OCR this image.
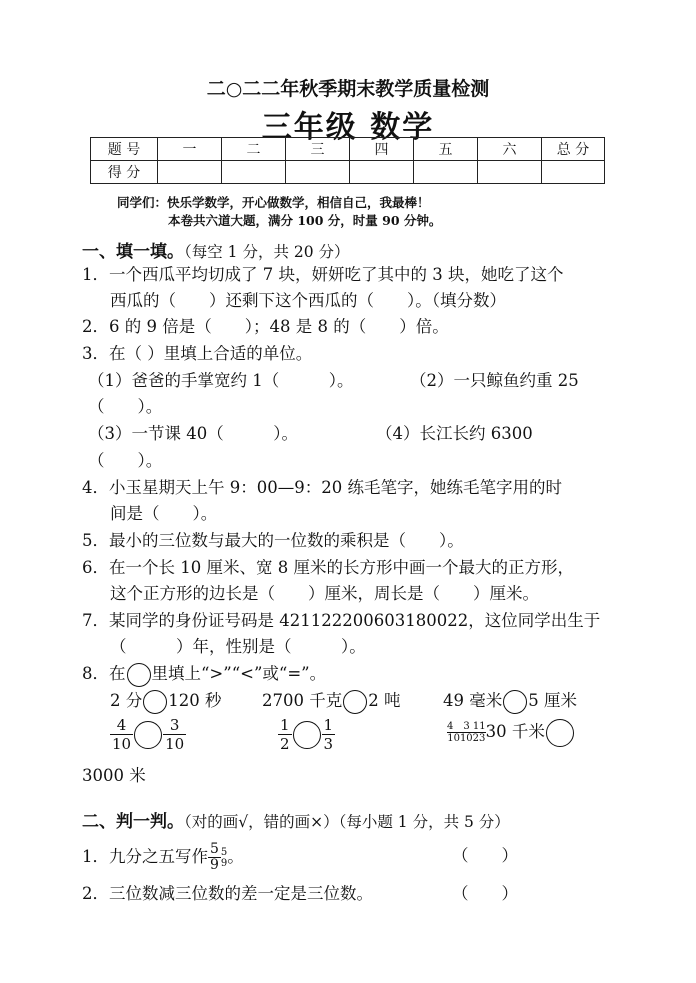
二○二二年秋季期末教学质量检测
三年级 数学
题 号	一	二	三	四	五	六	总 分
得 分							
同学们：快乐学数学，开心做数学，相信自己，我最棒！
本卷共六道大题，满分 100 分，时量 90 分钟。
一、填一填。（每空 1 分，共 20 分）
1．一个西瓜平均切成了 7 块，妍妍吃了其中的 3 块，她吃了这个
西瓜的（　　）还剩下这个西瓜的（　　）。（填分数）
2．6 的 9 倍是（　　）；48 是 8 的（　　）倍。
3．在（ ）里填上合适的单位。
（1）爸爸的手掌宽约 1（　　　）。	（2）一只鲸鱼约重 25
（　　）。
（3）一节课 40（　　　）。	（4）长江长约 6300
（　　）。
4．小玉星期天上午 9：00—9：20 练毛笔字，她练毛笔字用的时
间是（　　）。
5．最小的三位数与最大的一位数的乘积是（　　）。
6．在一个长 10 厘米、宽 8 厘米的长方形中画一个最大的正方形，
这个正方形的边长是（　　）厘米，周长是（　　）厘米。
7．某同学的身份证号码是 421122200603180022，这位同学出生于
（　　　）年，性别是（　　　）。
8．在 里填上“>”“<”或“=”。
2 分 120 秒 2700 千克 2 吨	49 毫米 5 厘米
$\frac{4}{10} \frac{3}{10}$	$\frac{1}{2} \frac{1}{3}$	$\frac{4 3 11}{101023} 30$ 千米
3000 米
二、判一判。（对的画√，错的画×）（每小题 1 分，共 5 分）
1．九分之五写作 $\frac{5}{9} 5$
9 。	（　　）
2．三位数减三位数的差一定是三位数。	（　　）
